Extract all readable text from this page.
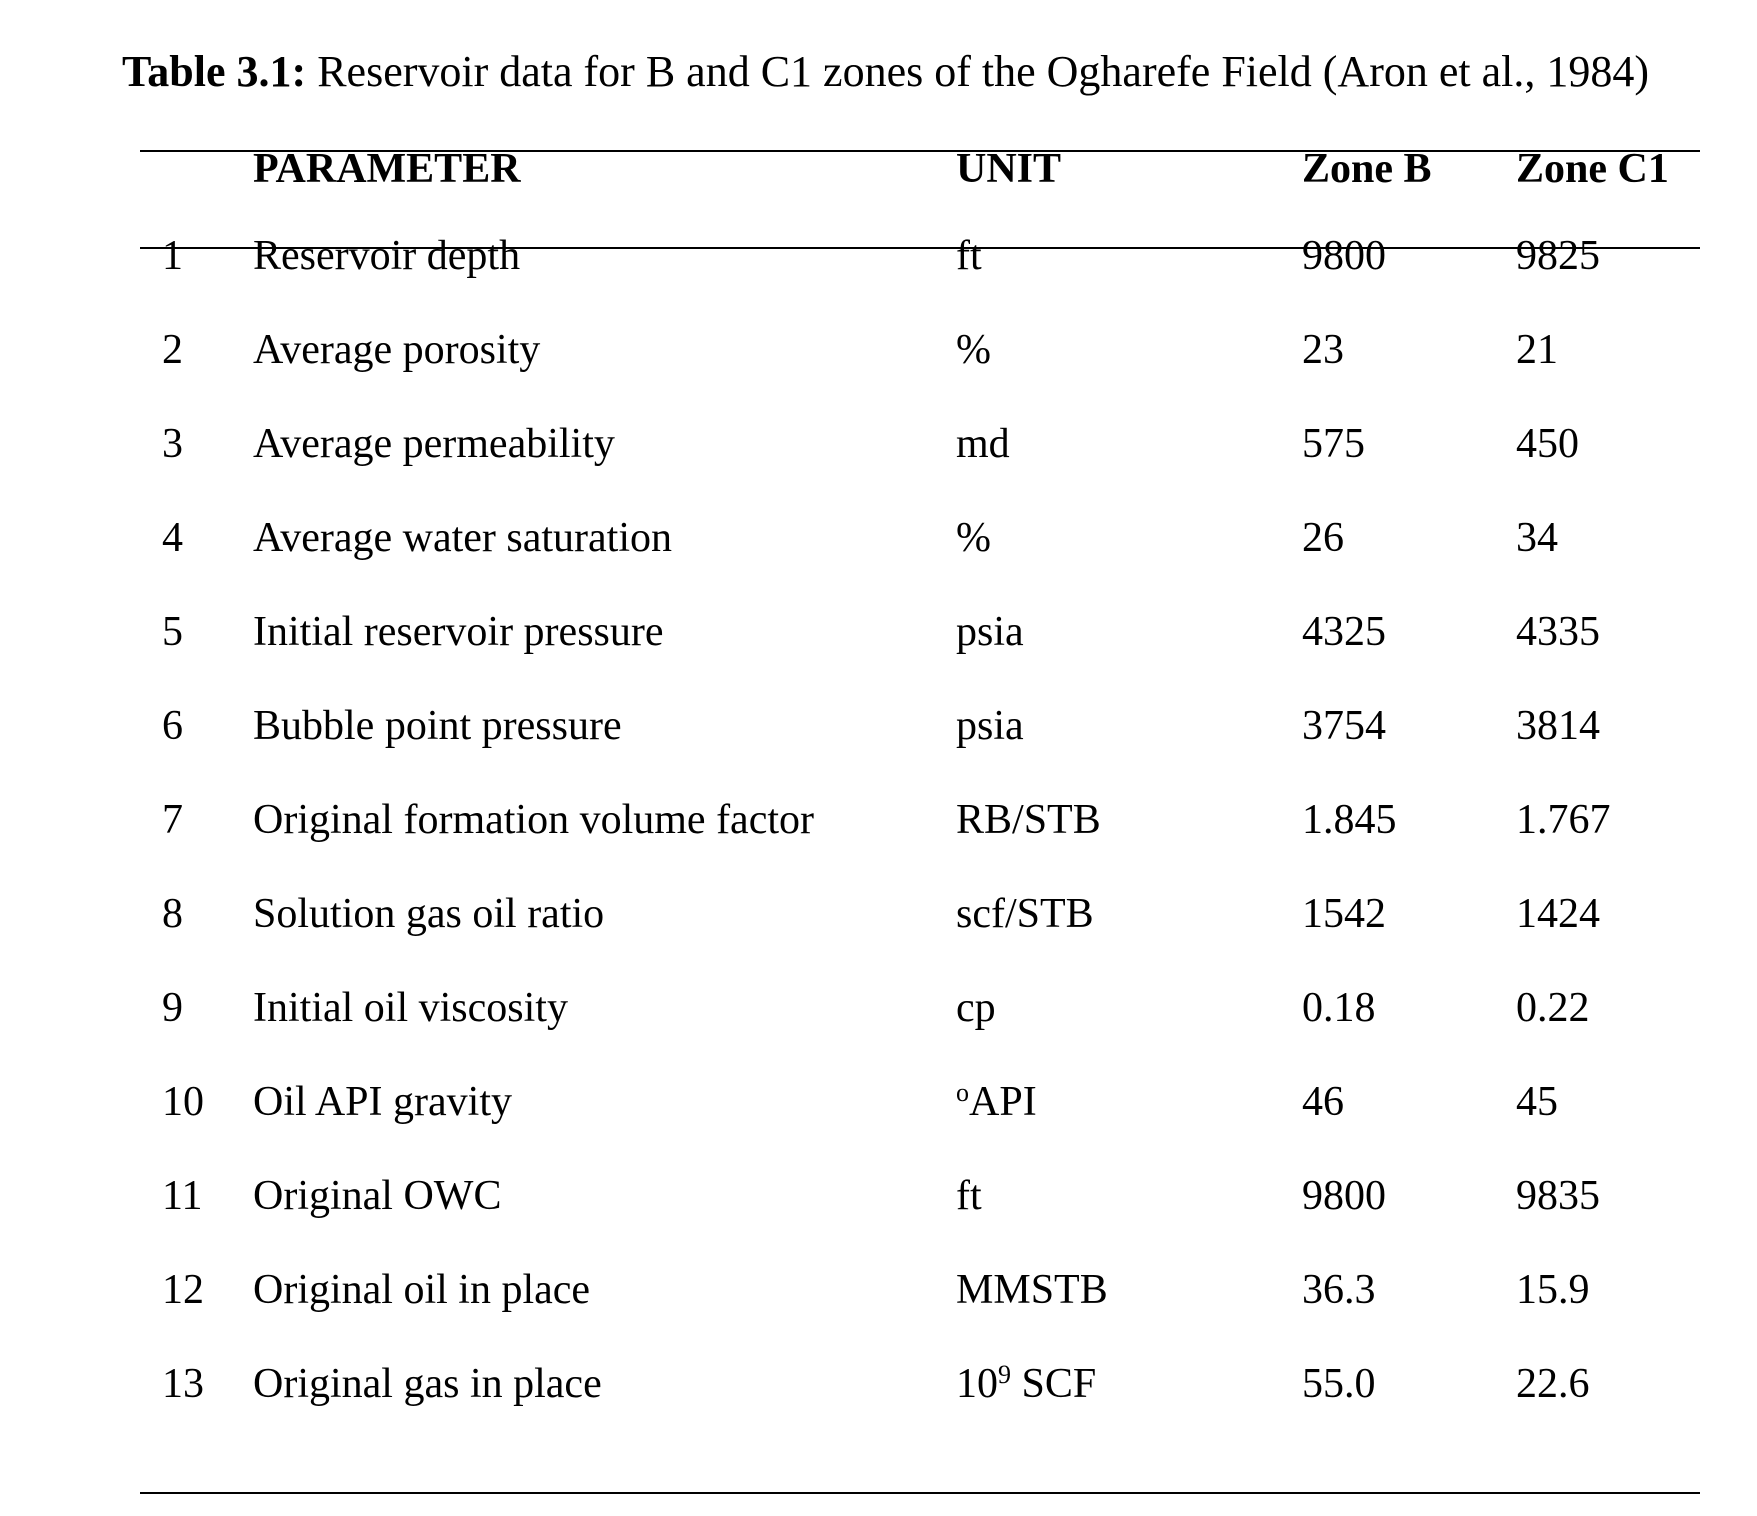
Table 3.1: Reservoir data for B and C1 zones of the Ogharefe Field (Aron et al., 1984)
PARAMETER	UNIT	Zone B Zone C1
1 Reservoir depth	ft	9800	9825
2 Average porosity	%	23	21
3 Average permeability	md	575	450
4 Average water saturation	%	26	34
5 Initial reservoir pressure	psia	4325	4335
6 Bubble point pressure	psia	3754	3814
7 Original formation volume factor	RB/STB	1.845	1.767
8 Solution gas oil ratio	scf/STB	1542	1424
9 Initial oil viscosity	cp	0.18	0.22
10 Oil API gravity	$^o$API	46	45
11 Original OWC	ft	9800	9835
12 Original oil in place	MMSTB	36.3	15.9
13 Original gas in place	$10^9$ SCF	55.0	22.6
